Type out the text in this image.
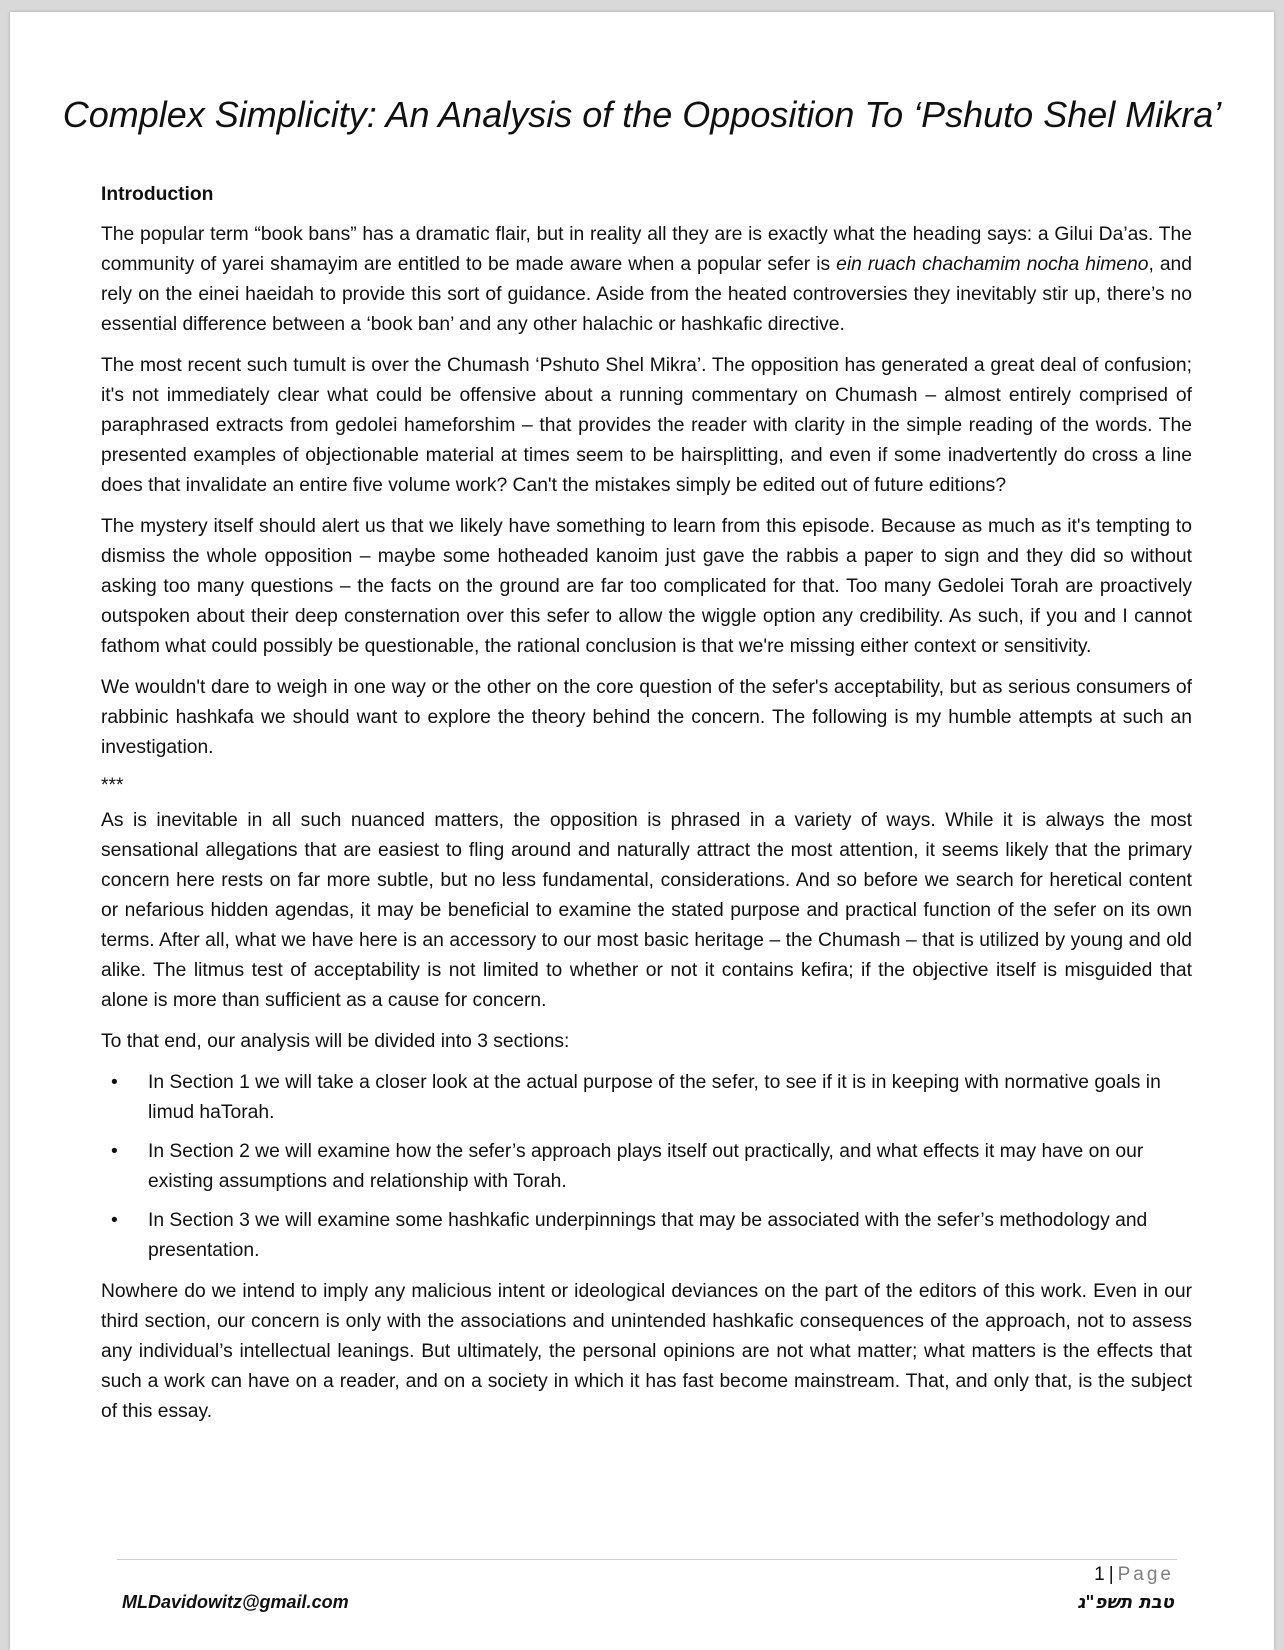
Complex Simplicity: An Analysis of the Opposition To ‘Pshuto Shel Mikra’
Introduction

The popular term “book bans” has a dramatic flair, but in reality all they are is exactly what the heading says: a Gilui Da’as. The community of yarei shamayim are entitled to be made aware when a popular sefer is ein ruach chachamim nocha himeno, and rely on the einei haeidah to provide this sort of guidance. Aside from the heated controversies they inevitably stir up, there’s no essential difference between a ‘book ban’ and any other halachic or hashkafic directive.

The most recent such tumult is over the Chumash ‘Pshuto Shel Mikra’. The opposition has generated a great deal of confusion; it's not immediately clear what could be offensive about a running commentary on Chumash – almost entirely comprised of paraphrased extracts from gedolei hameforshim – that provides the reader with clarity in the simple reading of the words. The presented examples of objectionable material at times seem to be hairsplitting, and even if some inadvertently do cross a line does that invalidate an entire five volume work? Can't the mistakes simply be edited out of future editions?

The mystery itself should alert us that we likely have something to learn from this episode. Because as much as it's tempting to dismiss the whole opposition – maybe some hotheaded kanoim just gave the rabbis a paper to sign and they did so without asking too many questions – the facts on the ground are far too complicated for that. Too many Gedolei Torah are proactively outspoken about their deep consternation over this sefer to allow the wiggle option any credibility. As such, if you and I cannot fathom what could possibly be questionable, the rational conclusion is that we're missing either context or sensitivity.

We wouldn't dare to weigh in one way or the other on the core question of the sefer's acceptability, but as serious consumers of rabbinic hashkafa we should want to explore the theory behind the concern. The following is my humble attempts at such an investigation.

***

As is inevitable in all such nuanced matters, the opposition is phrased in a variety of ways. While it is always the most sensational allegations that are easiest to fling around and naturally attract the most attention, it seems likely that the primary concern here rests on far more subtle, but no less fundamental, considerations. And so before we search for heretical content or nefarious hidden agendas, it may be beneficial to examine the stated purpose and practical function of the sefer on its own terms. After all, what we have here is an accessory to our most basic heritage – the Chumash – that is utilized by young and old alike. The litmus test of acceptability is not limited to whether or not it contains kefira; if the objective itself is misguided that alone is more than sufficient as a cause for concern.

To that end, our analysis will be divided into 3 sections:

• In Section 1 we will take a closer look at the actual purpose of the sefer, to see if it is in keeping with normative goals in limud haTorah.
• In Section 2 we will examine how the sefer’s approach plays itself out practically, and what effects it may have on our existing assumptions and relationship with Torah.
• In Section 3 we will examine some hashkafic underpinnings that may be associated with the sefer’s methodology and presentation.

Nowhere do we intend to imply any malicious intent or ideological deviances on the part of the editors of this work. Even in our third section, our concern is only with the associations and unintended hashkafic consequences of the approach, not to assess any individual’s intellectual leanings. But ultimately, the personal opinions are not what matter; what matters is the effects that such a work can have on a reader, and on a society in which it has fast become mainstream. That, and only that, is the subject of this essay.

1 | Page
MLDavidowitz@gmail.com	טבת תשפ"ג
